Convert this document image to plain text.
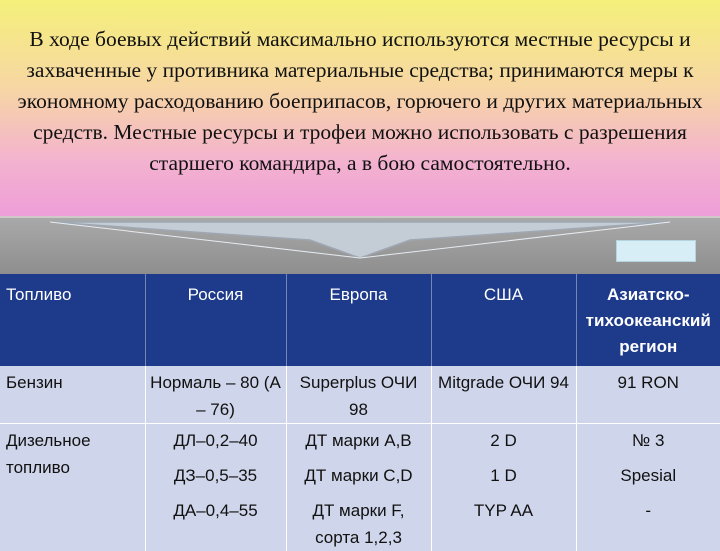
В ходе боевых действий максимально используются местные ресурсы и захваченные у противника материальные средства; принимаются меры к экономному расходованию боеприпасов, горючего и других материальных средств. Местные ресурсы и трофеи можно использовать с разрешения старшего командира, а в бою самостоятельно.

Топливо	Россия	Европа	США	Азиатско-тихоокеанский регион
Бензин	Нормаль – 80 (А – 76)	Superplus ОЧИ 98	Mitgrade ОЧИ 94	91 RON
Дизельное топливо	ДЛ–0,2–40	ДТ марки А,В	2 D	№ 3
	ДЗ–0,5–35	ДТ марки С,D	1 D	Spesial
	ДА–0,4–55	ДТ марки F, сорта 1,2,3	TYP AA	-
